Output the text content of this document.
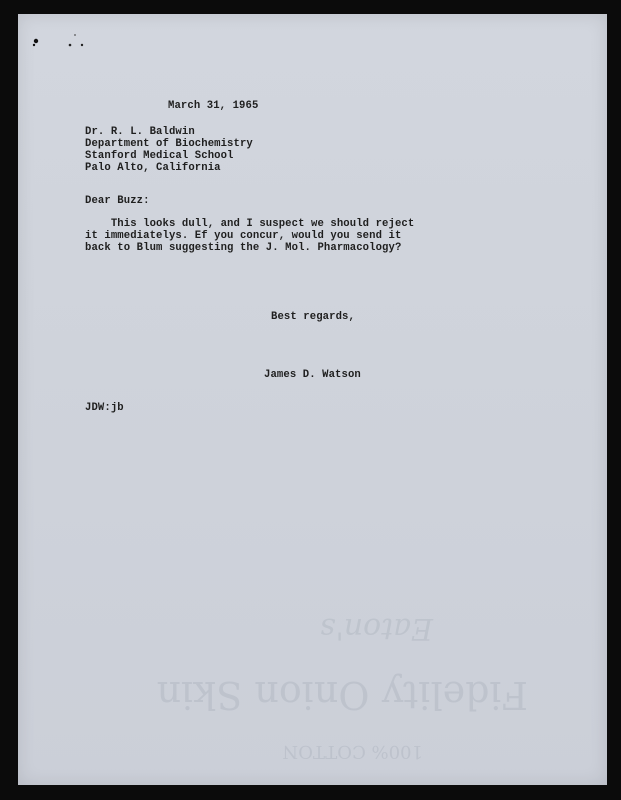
Eaton's
Fidelity Onion Skin
100% COTTON
March 31, 1965
Dr. R. L. Baldwin
Department of Biochemistry
Stanford Medical School
Palo Alto, California
Dear Buzz:
This looks dull, and I suspect we should reject
it immediatelys. Ef you concur, would you send it
back to Blum suggesting the J. Mol. Pharmacology?
Best regards,
James D. Watson
JDW:jb
